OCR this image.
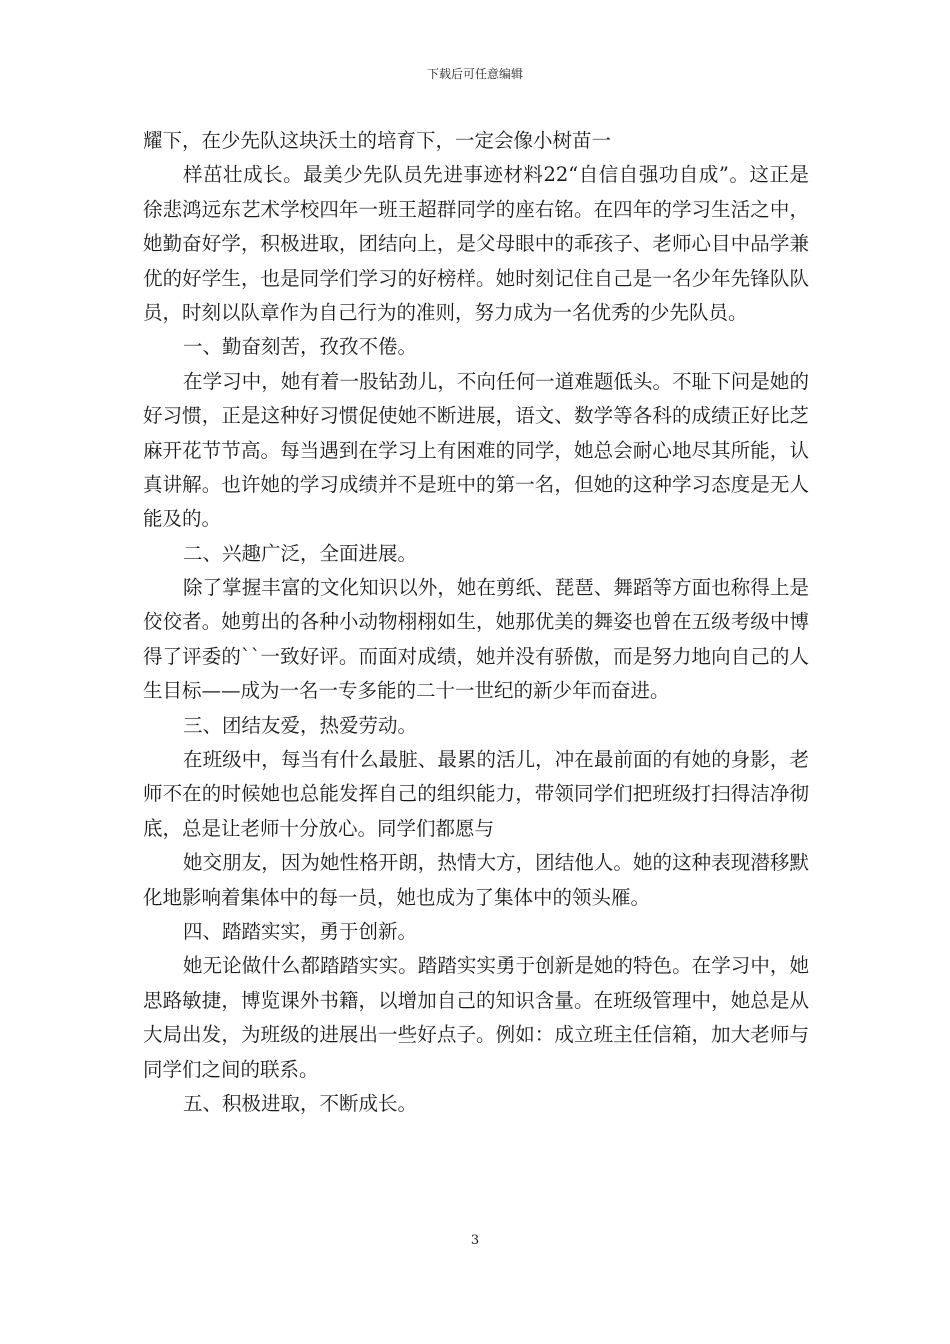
下载后可任意编辑
耀下，在少先队这块沃土的培育下，一定会像小树苗一
样茁壮成长。最美少先队员先进事迹材料22“自信自强功自成”。这正是
徐悲鸿远东艺术学校四年一班王超群同学的座右铭。在四年的学习生活之中，
她勤奋好学，积极进取，团结向上，是父母眼中的乖孩子、老师心目中品学兼
优的好学生，也是同学们学习的好榜样。她时刻记住自己是一名少年先锋队队
员，时刻以队章作为自己行为的准则，努力成为一名优秀的少先队员。
一、勤奋刻苦，孜孜不倦。
在学习中，她有着一股钻劲儿，不向任何一道难题低头。不耻下问是她的
好习惯，正是这种好习惯促使她不断进展，语文、数学等各科的成绩正好比芝
麻开花节节高。每当遇到在学习上有困难的同学，她总会耐心地尽其所能，认
真讲解。也许她的学习成绩并不是班中的第一名，但她的这种学习态度是无人
能及的。
二、兴趣广泛，全面进展。
除了掌握丰富的文化知识以外，她在剪纸、琵琶、舞蹈等方面也称得上是
佼佼者。她剪出的各种小动物栩栩如生，她那优美的舞姿也曾在五级考级中博
得了评委的``一致好评。而面对成绩，她并没有骄傲，而是努力地向自己的人
生目标——成为一名一专多能的二十一世纪的新少年而奋进。
三、团结友爱，热爱劳动。
在班级中，每当有什么最脏、最累的活儿，冲在最前面的有她的身影，老
师不在的时候她也总能发挥自己的组织能力，带领同学们把班级打扫得洁净彻
底，总是让老师十分放心。同学们都愿与
她交朋友，因为她性格开朗，热情大方，团结他人。她的这种表现潜移默
化地影响着集体中的每一员，她也成为了集体中的领头雁。
四、踏踏实实，勇于创新。
她无论做什么都踏踏实实。踏踏实实勇于创新是她的特色。在学习中，她
思路敏捷，博览课外书籍，以增加自己的知识含量。在班级管理中，她总是从
大局出发，为班级的进展出一些好点子。例如：成立班主任信箱，加大老师与
同学们之间的联系。
五、积极进取，不断成长。
3
